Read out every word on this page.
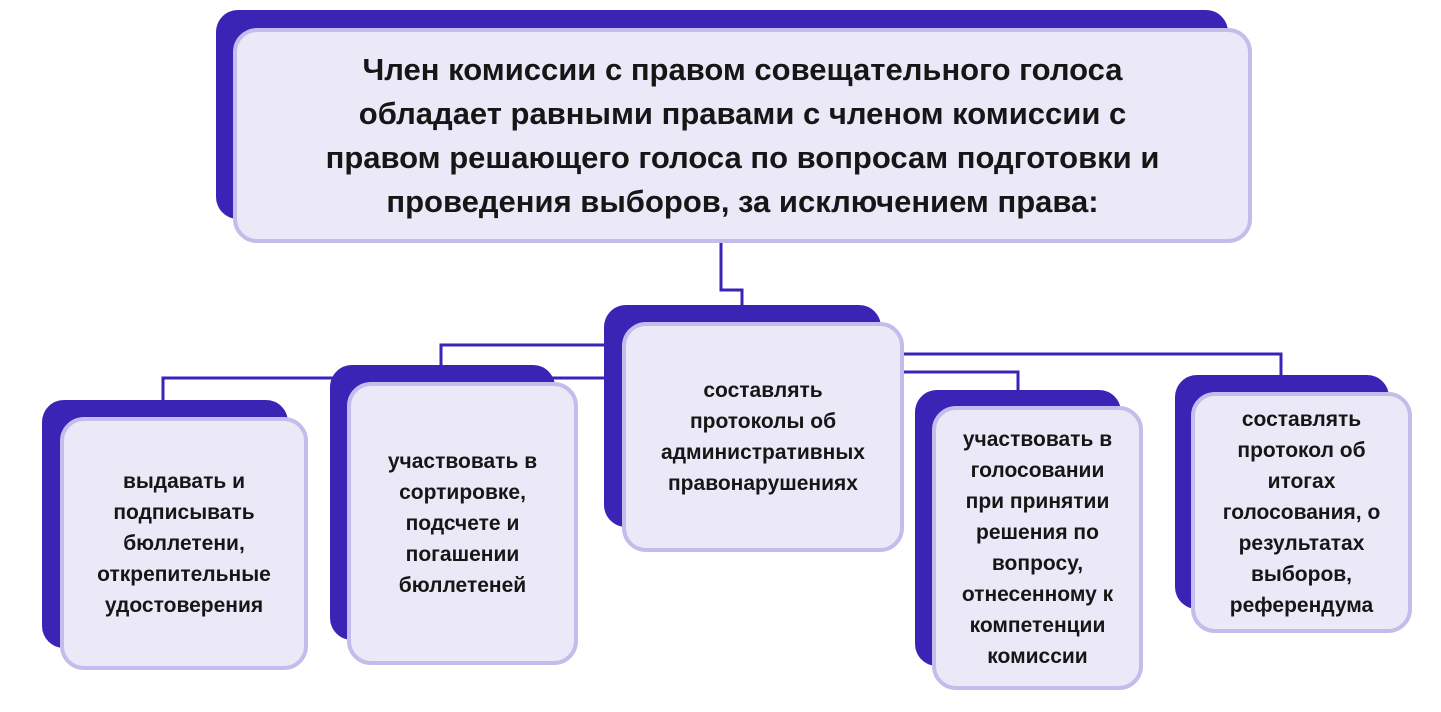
Член комиссии с правом совещательного голоса
обладает равными правами с членом комиссии с
правом решающего голоса по вопросам подготовки и
проведения выборов, за исключением права:
выдавать и
подписывать
бюллетени,
открепительные
удостоверения
участвовать в
сортировке,
подсчете и
погашении
бюллетеней
составлять
протоколы об
административных
правонарушениях
участвовать в
голосовании
при принятии
решения по
вопросу,
отнесенному к
компетенции
комиссии
составлять
протокол об
итогах
голосования, о
результатах
выборов,
референдума
